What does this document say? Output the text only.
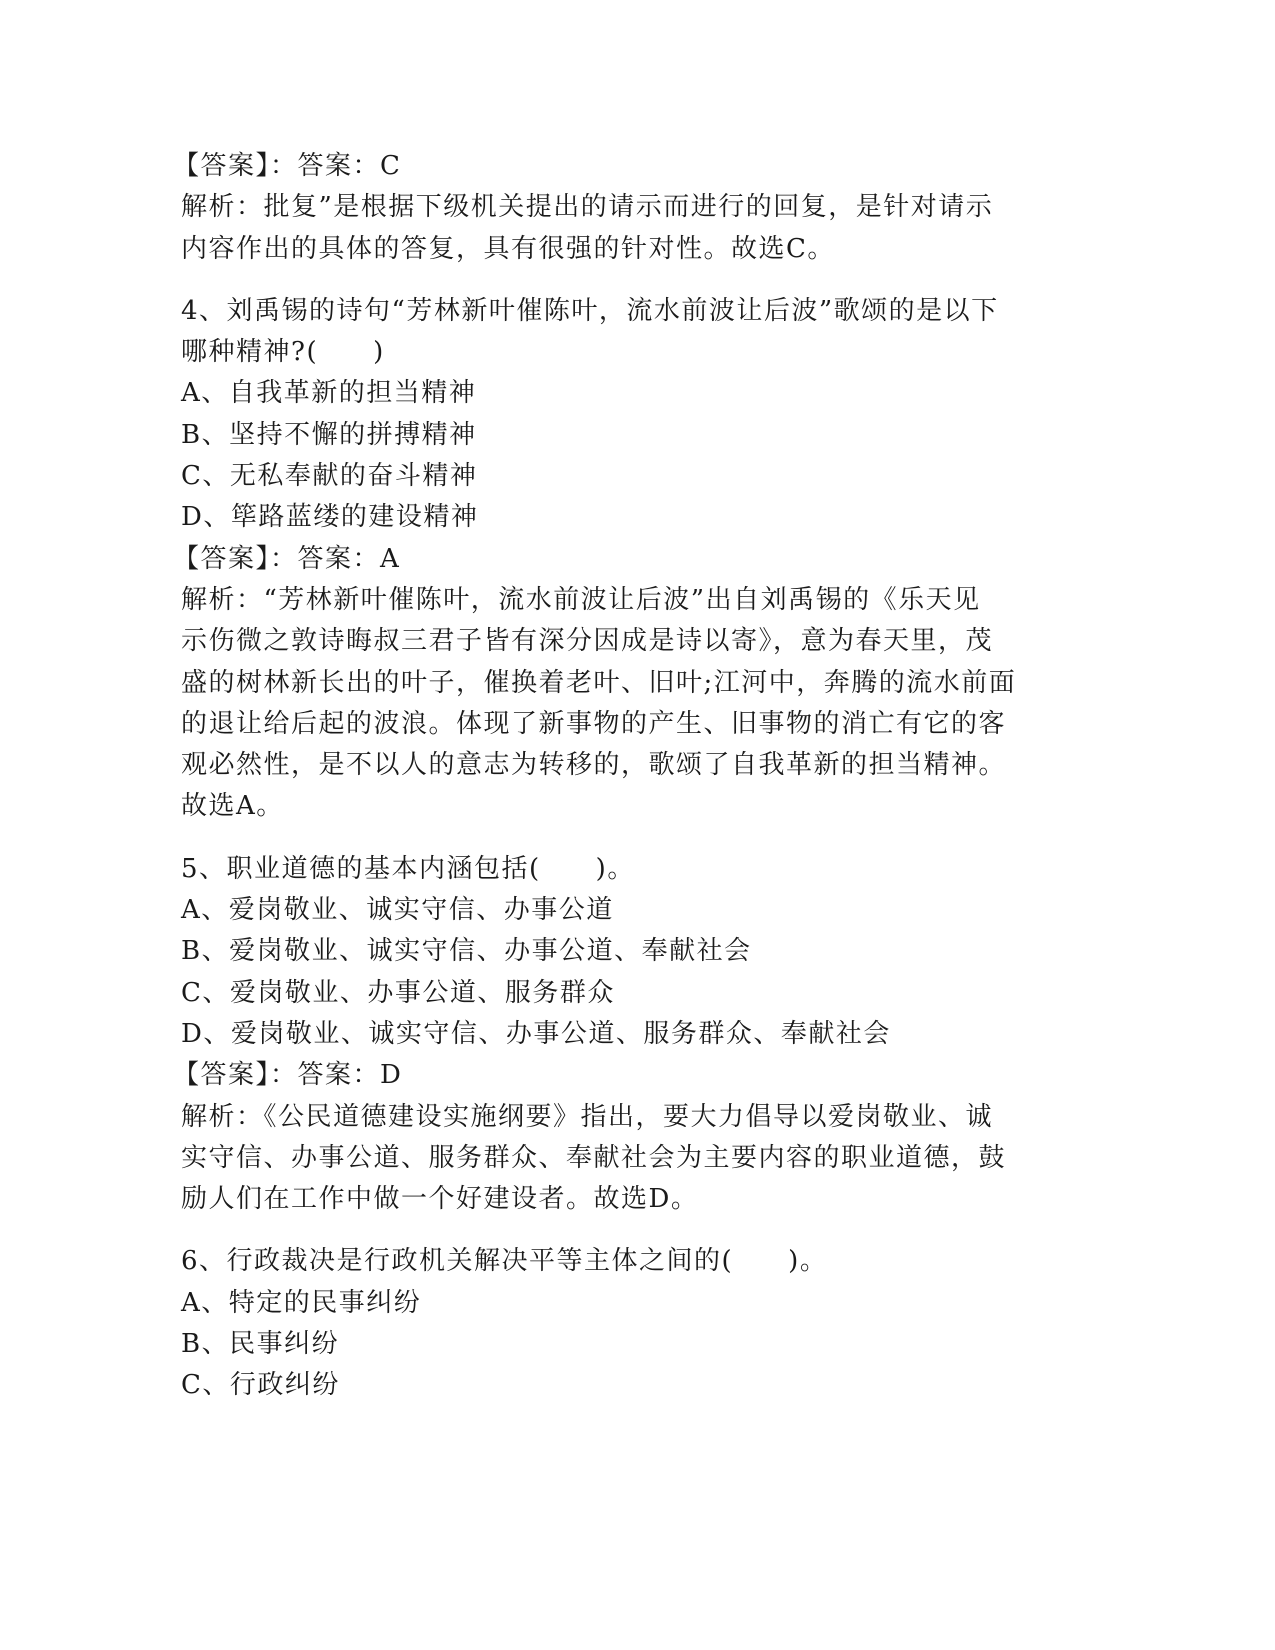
【答案】：答案：C
解析：批复”是根据下级机关提出的请示而进行的回复，是针对请示
内容作出的具体的答复，具有很强的针对性。故选C。
4、刘禹锡的诗句“芳林新叶催陈叶，流水前波让后波”歌颂的是以下
哪种精神?(　　)
A、自我革新的担当精神
B、坚持不懈的拼搏精神
C、无私奉献的奋斗精神
D、筚路蓝缕的建设精神
【答案】：答案：A
解析：“芳林新叶催陈叶，流水前波让后波”出自刘禹锡的《乐天见
示伤微之敦诗晦叔三君子皆有深分因成是诗以寄》，意为春天里，茂
盛的树林新长出的叶子，催换着老叶、旧叶;江河中，奔腾的流水前面
的退让给后起的波浪。体现了新事物的产生、旧事物的消亡有它的客
观必然性，是不以人的意志为转移的，歌颂了自我革新的担当精神。
故选A。
5、职业道德的基本内涵包括(　　)。
A、爱岗敬业、诚实守信、办事公道
B、爱岗敬业、诚实守信、办事公道、奉献社会
C、爱岗敬业、办事公道、服务群众
D、爱岗敬业、诚实守信、办事公道、服务群众、奉献社会
【答案】：答案：D
解析：《公民道德建设实施纲要》指出，要大力倡导以爱岗敬业、诚
实守信、办事公道、服务群众、奉献社会为主要内容的职业道德，鼓
励人们在工作中做一个好建设者。故选D。
6、行政裁决是行政机关解决平等主体之间的(　　)。
A、特定的民事纠纷
B、民事纠纷
C、行政纠纷
